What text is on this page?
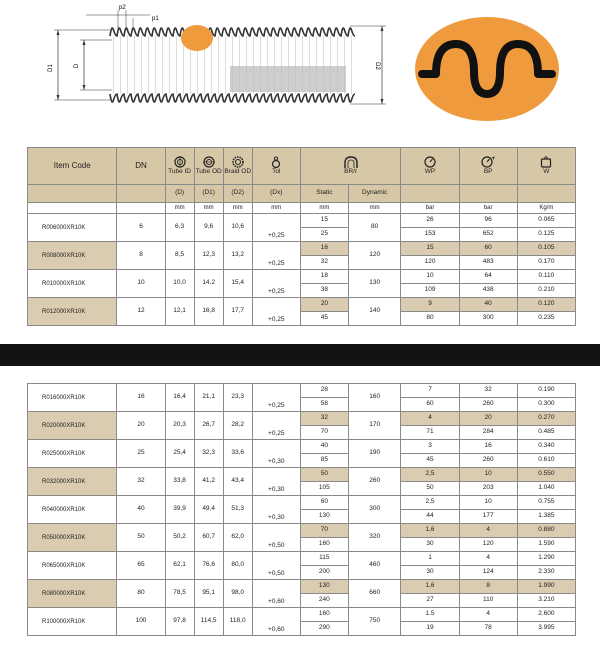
D1	D	D2
p2
p1
Item Code	DN	Tube ID	Tube OD	Braid OD	Tol	BR/r		WP	BP	W
		(D)	(D1)	(D2)	(Dx)	Static	Dynamic			
		mm	mm	mm	mm	mm	mm	bar	bar	Kg/m
R006000XR10K	6	6,3	9,6	10,6	+0,25	15	80	26	96	0.065
						25		153	652	0.125
R008000XR10K	8	8,5	12,3	13,2	+0,25	16	120	15	60	0.105
						32		120	483	0.170
R010000XR10K	10	10,0	14,2	15,4	+0,25	18	130	10	64	0.110
						38		109	438	0.210
R012000XR10K	12	12,1	16,8	17,7	+0,25	20	140	9	40	0.120
						45		80	300	0.235
R016000XR10K	16	16,4	21,1	23,3	+0,25	28	160	7	32	0.190
						58		60	260	0.300
R020000XR10K	20	20,3	26,7	28,2	+0,25	32	170	4	20	0.270
						70		71	284	0.485
R025000XR10K	25	25,4	32,3	33,6	+0,30	40	190	3	16	0.340
						85		45	260	0.610
R032000XR10K	32	33,8	41,2	43,4	+0,30	50	260	2,5	10	0.550
						105		50	203	1.040
R040000XR10K	40	39,9	49,4	51,3	+0,30	60	300	2,5	10	0.755
						130		44	177	1.385
R050000XR10K	50	50,2	60,7	62,0	+0,50	70	320	1,6	4	0.880
						160		30	120	1.590
R065000XR10K	65	62,1	76,6	80,0	+0,50	115	460	1	4	1.290
						200		30	124	2.330
R080000XR10K	80	78,5	95,1	98,0	+0,60	130	660	1,6	8	1.990
						240		27	110	3.210
R100000XR10K	100	97,8	114,5	118,0	+0,60	160	750	1.5	4	2.600
						290		19	78	3.995
